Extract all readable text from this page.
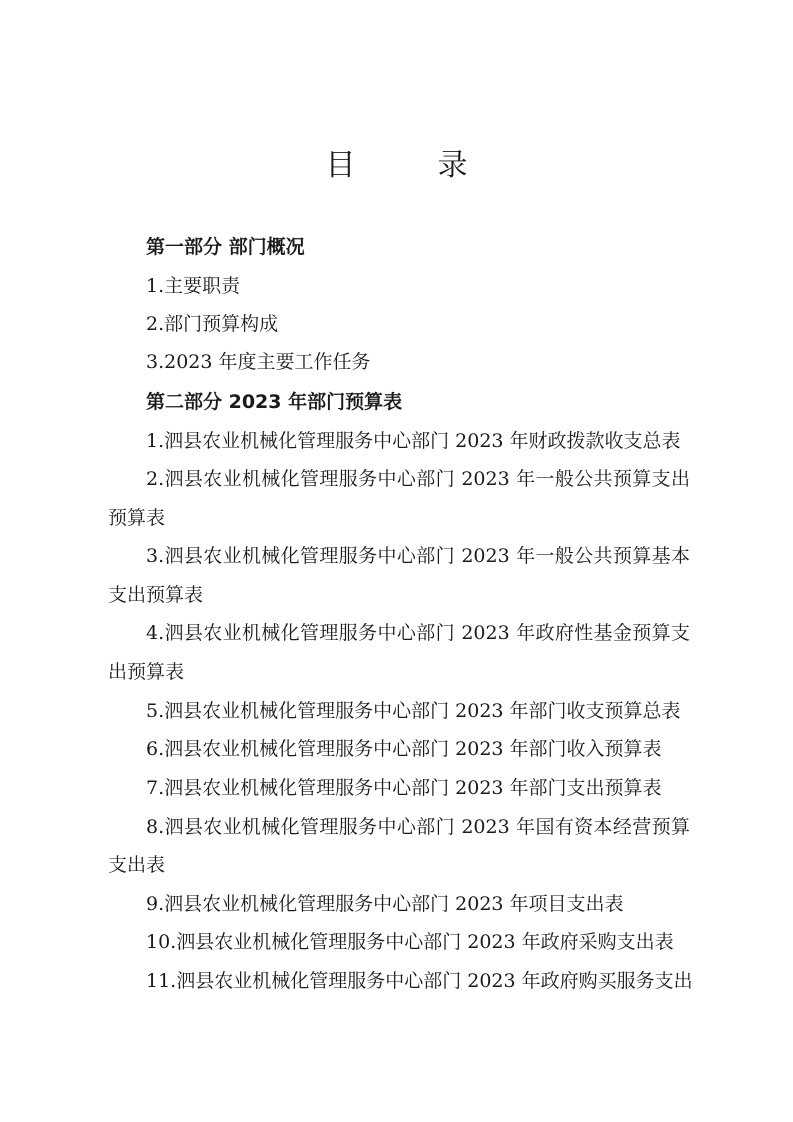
目　录
第一部分 部门概况
1.主要职责
2.部门预算构成
3.2023 年度主要工作任务
第二部分 2023 年部门预算表
1.泗县农业机械化管理服务中心部门 2023 年财政拨款收支总表
2.泗县农业机械化管理服务中心部门 2023 年一般公共预算支出
预算表
3.泗县农业机械化管理服务中心部门 2023 年一般公共预算基本
支出预算表
4.泗县农业机械化管理服务中心部门 2023 年政府性基金预算支
出预算表
5.泗县农业机械化管理服务中心部门 2023 年部门收支预算总表
6.泗县农业机械化管理服务中心部门 2023 年部门收入预算表
7.泗县农业机械化管理服务中心部门 2023 年部门支出预算表
8.泗县农业机械化管理服务中心部门 2023 年国有资本经营预算
支出表
9.泗县农业机械化管理服务中心部门 2023 年项目支出表
10.泗县农业机械化管理服务中心部门 2023 年政府采购支出表
11.泗县农业机械化管理服务中心部门 2023 年政府购买服务支出
